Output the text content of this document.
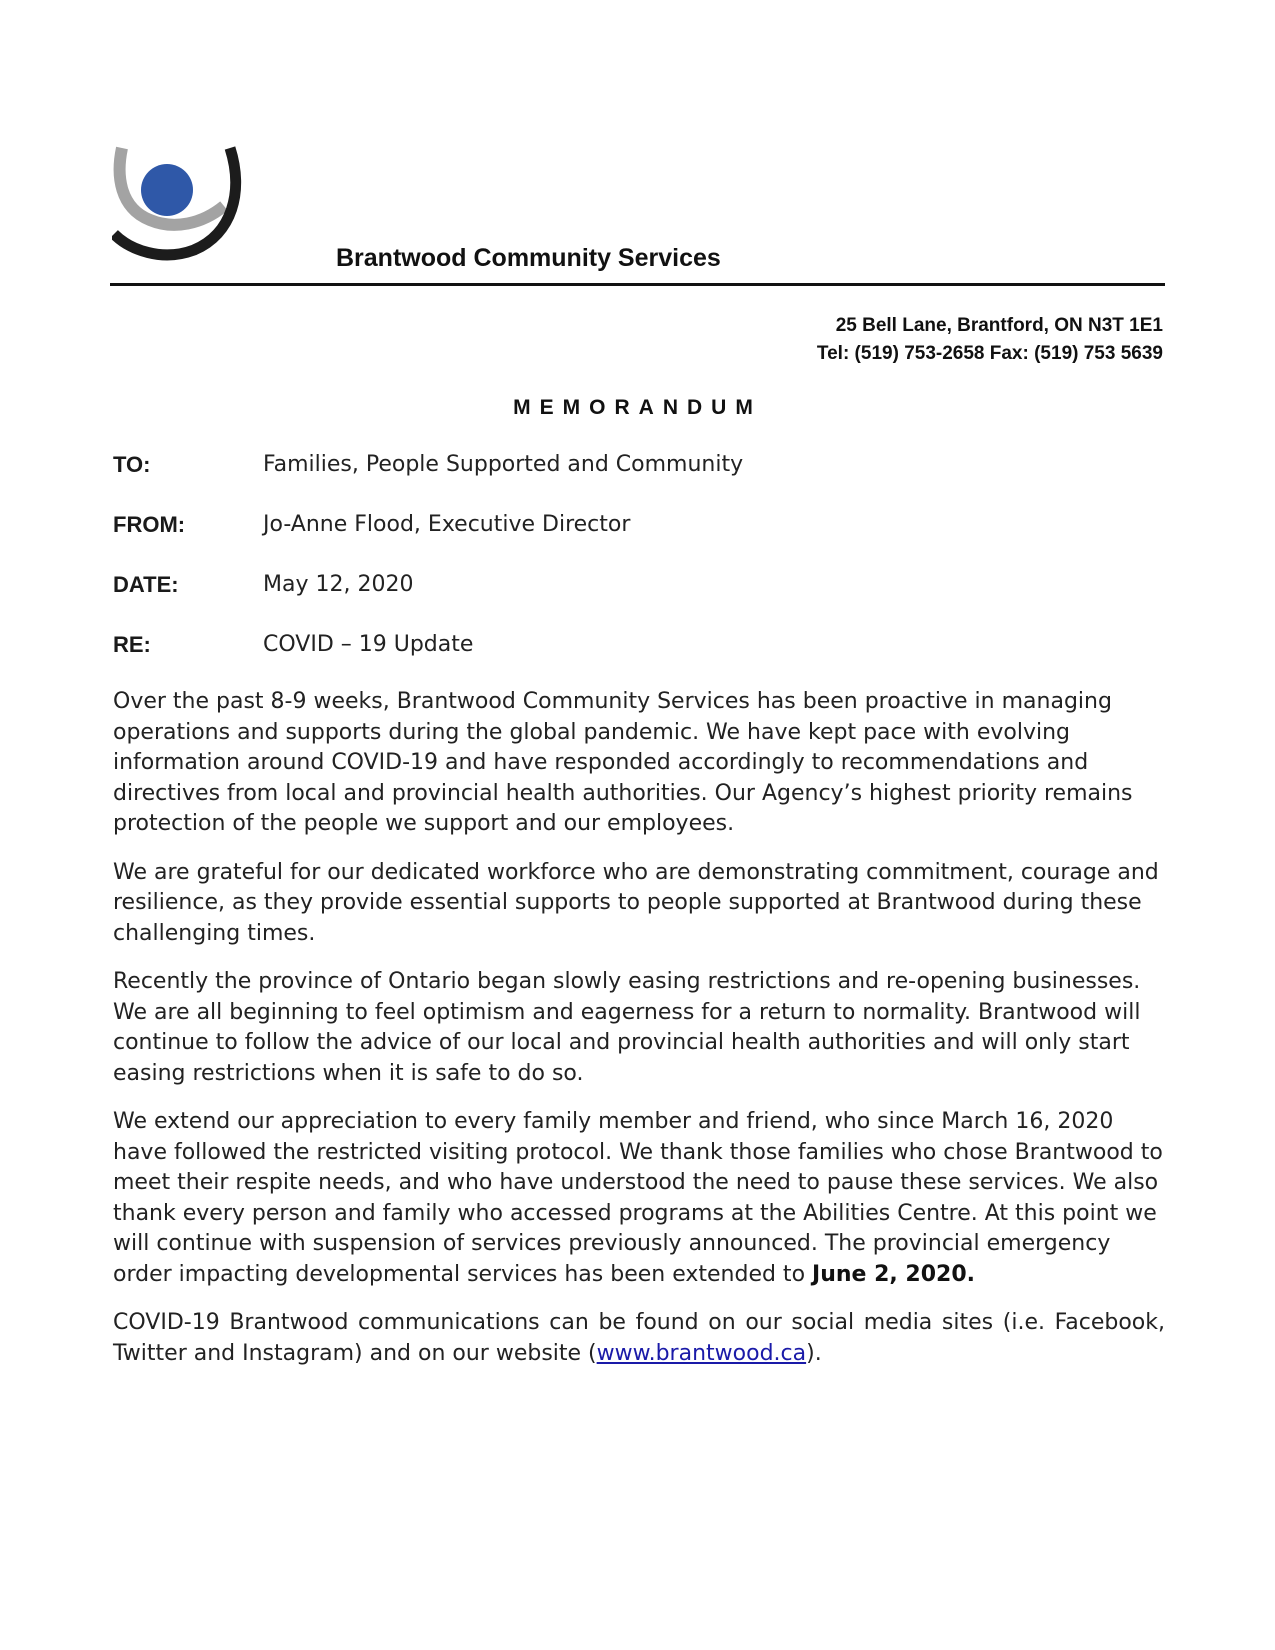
Brantwood Community Services
25 Bell Lane, Brantford, ON N3T 1E1
Tel: (519) 753-2658 Fax: (519) 753 5639
MEMORANDUM
TO:	Families, People Supported and Community
FROM:	Jo-Anne Flood, Executive Director
DATE:	May 12, 2020
RE:	COVID – 19 Update

Over the past 8-9 weeks, Brantwood Community Services has been proactive in managing operations and supports during the global pandemic. We have kept pace with evolving information around COVID-19 and have responded accordingly to recommendations and directives from local and provincial health authorities. Our Agency’s highest priority remains protection of the people we support and our employees.

We are grateful for our dedicated workforce who are demonstrating commitment, courage and resilience, as they provide essential supports to people supported at Brantwood during these challenging times.

Recently the province of Ontario began slowly easing restrictions and re-opening businesses. We are all beginning to feel optimism and eagerness for a return to normality. Brantwood will continue to follow the advice of our local and provincial health authorities and will only start easing restrictions when it is safe to do so.

We extend our appreciation to every family member and friend, who since March 16, 2020 have followed the restricted visiting protocol. We thank those families who chose Brantwood to meet their respite needs, and who have understood the need to pause these services. We also thank every person and family who accessed programs at the Abilities Centre. At this point we will continue with suspension of services previously announced. The provincial emergency order impacting developmental services has been extended to June 2, 2020.

COVID-19 Brantwood communications can be found on our social media sites (i.e. Facebook, Twitter and Instagram) and on our website (www.brantwood.ca).
